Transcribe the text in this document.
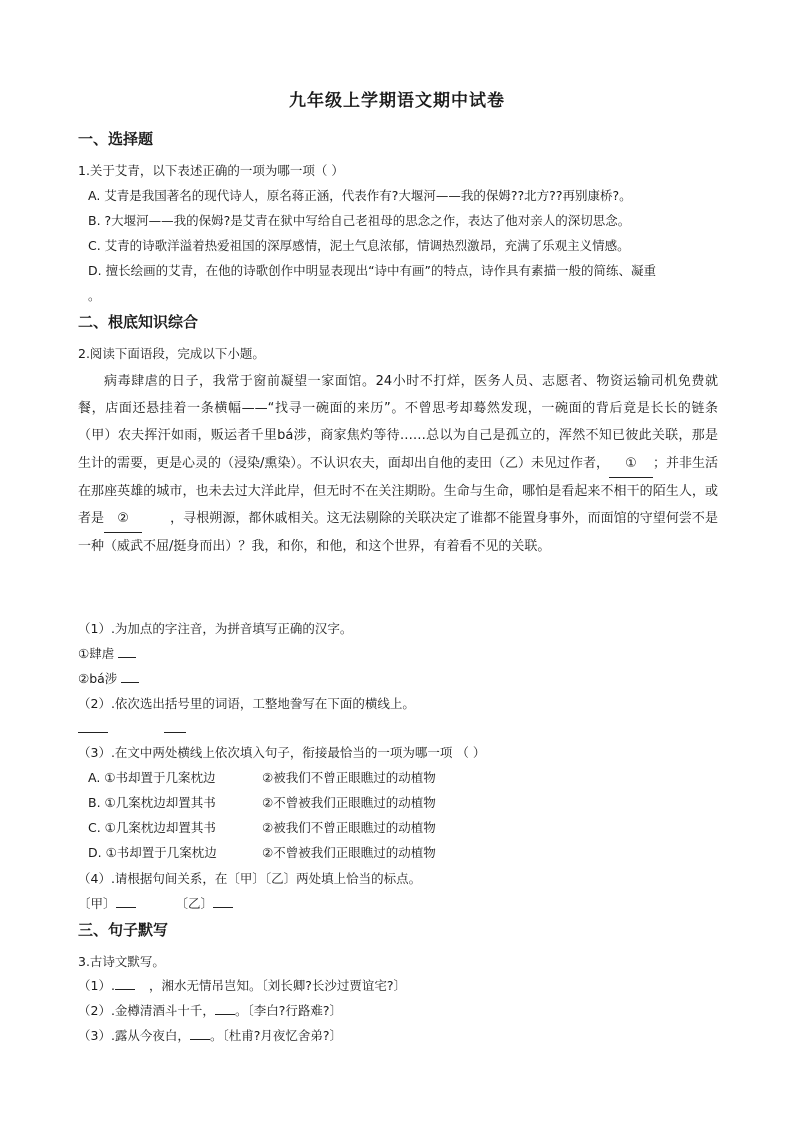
九年级上学期语文期中试卷
一、选择题
1.关于艾青，以下表述正确的一项为哪一项（ ）
A. 艾青是我国著名的现代诗人，原名蒋正涵，代表作有?大堰河——我的保姆??北方??再别康桥?。
B. ?大堰河——我的保姆?是艾青在狱中写给自己老祖母的思念之作，表达了他对亲人的深切思念。
C. 艾青的诗歌洋溢着热爱祖国的深厚感情，泥土气息浓郁，情调热烈激昂，充满了乐观主义情感。
D. 擅长绘画的艾青，在他的诗歌创作中明显表现出“诗中有画”的特点，诗作具有素描一般的简练、凝重
。
二、根底知识综合
2.阅读下面语段，完成以下小题。
病毒肆虐的日子，我常于窗前凝望一家面馆。24小时不打烊，医务人员、志愿者、物资运输司机免费就餐，店面还悬挂着一条横幅——“找寻一碗面的来历”。不曾思考却蓦然发现，一碗面的背后竟是长长的链条（甲）农夫挥汗如雨，贩运者千里bá涉，商家焦灼等待……总以为自己是孤立的，浑然不知已彼此关联，那是生计的需要，更是心灵的（浸染/熏染）。不认识农夫，面却出自他的麦田（乙）未见过作者， ① ；并非生活在那座英雄的城市，也未去过大洋此岸，但无时不在关注期盼。生命与生命，哪怕是看起来不相干的陌生人，或者是 ②	，寻根朔源，都休戚相关。这无法剔除的关联决定了谁都不能置身事外，而面馆的守望何尝不是一种（威武不屈/挺身而出）？我，和你，和他，和这个世界，有着看不见的关联。
（1）.为加点的字注音，为拼音填写正确的汉字。
①肆虐
②bá涉
（2）.依次选出括号里的词语，工整地誊写在下面的横线上。
（3）.在文中两处横线上依次填入句子，衔接最恰当的一项为哪一项 （ ）
A. ①书却置于几案枕边	②被我们不曾正眼瞧过的动植物
B. ①几案枕边却置其书	②不曾被我们正眼瞧过的动植物
C. ①几案枕边却置其书	②被我们不曾正眼瞧过的动植物
D. ①书却置于几案枕边	②不曾被我们正眼瞧过的动植物
（4）.请根据句间关系，在〔甲〕〔乙〕两处填上恰当的标点。
〔甲〕	〔乙〕
三、句子默写
3.古诗文默写。
（1）.	，湘水无情吊岂知。〔刘长卿?长沙过贾谊宅?〕
（2）.金樽清酒斗十千， 。〔李白?行路难?〕
（3）.露从今夜白， 。〔杜甫?月夜忆舍弟?〕
